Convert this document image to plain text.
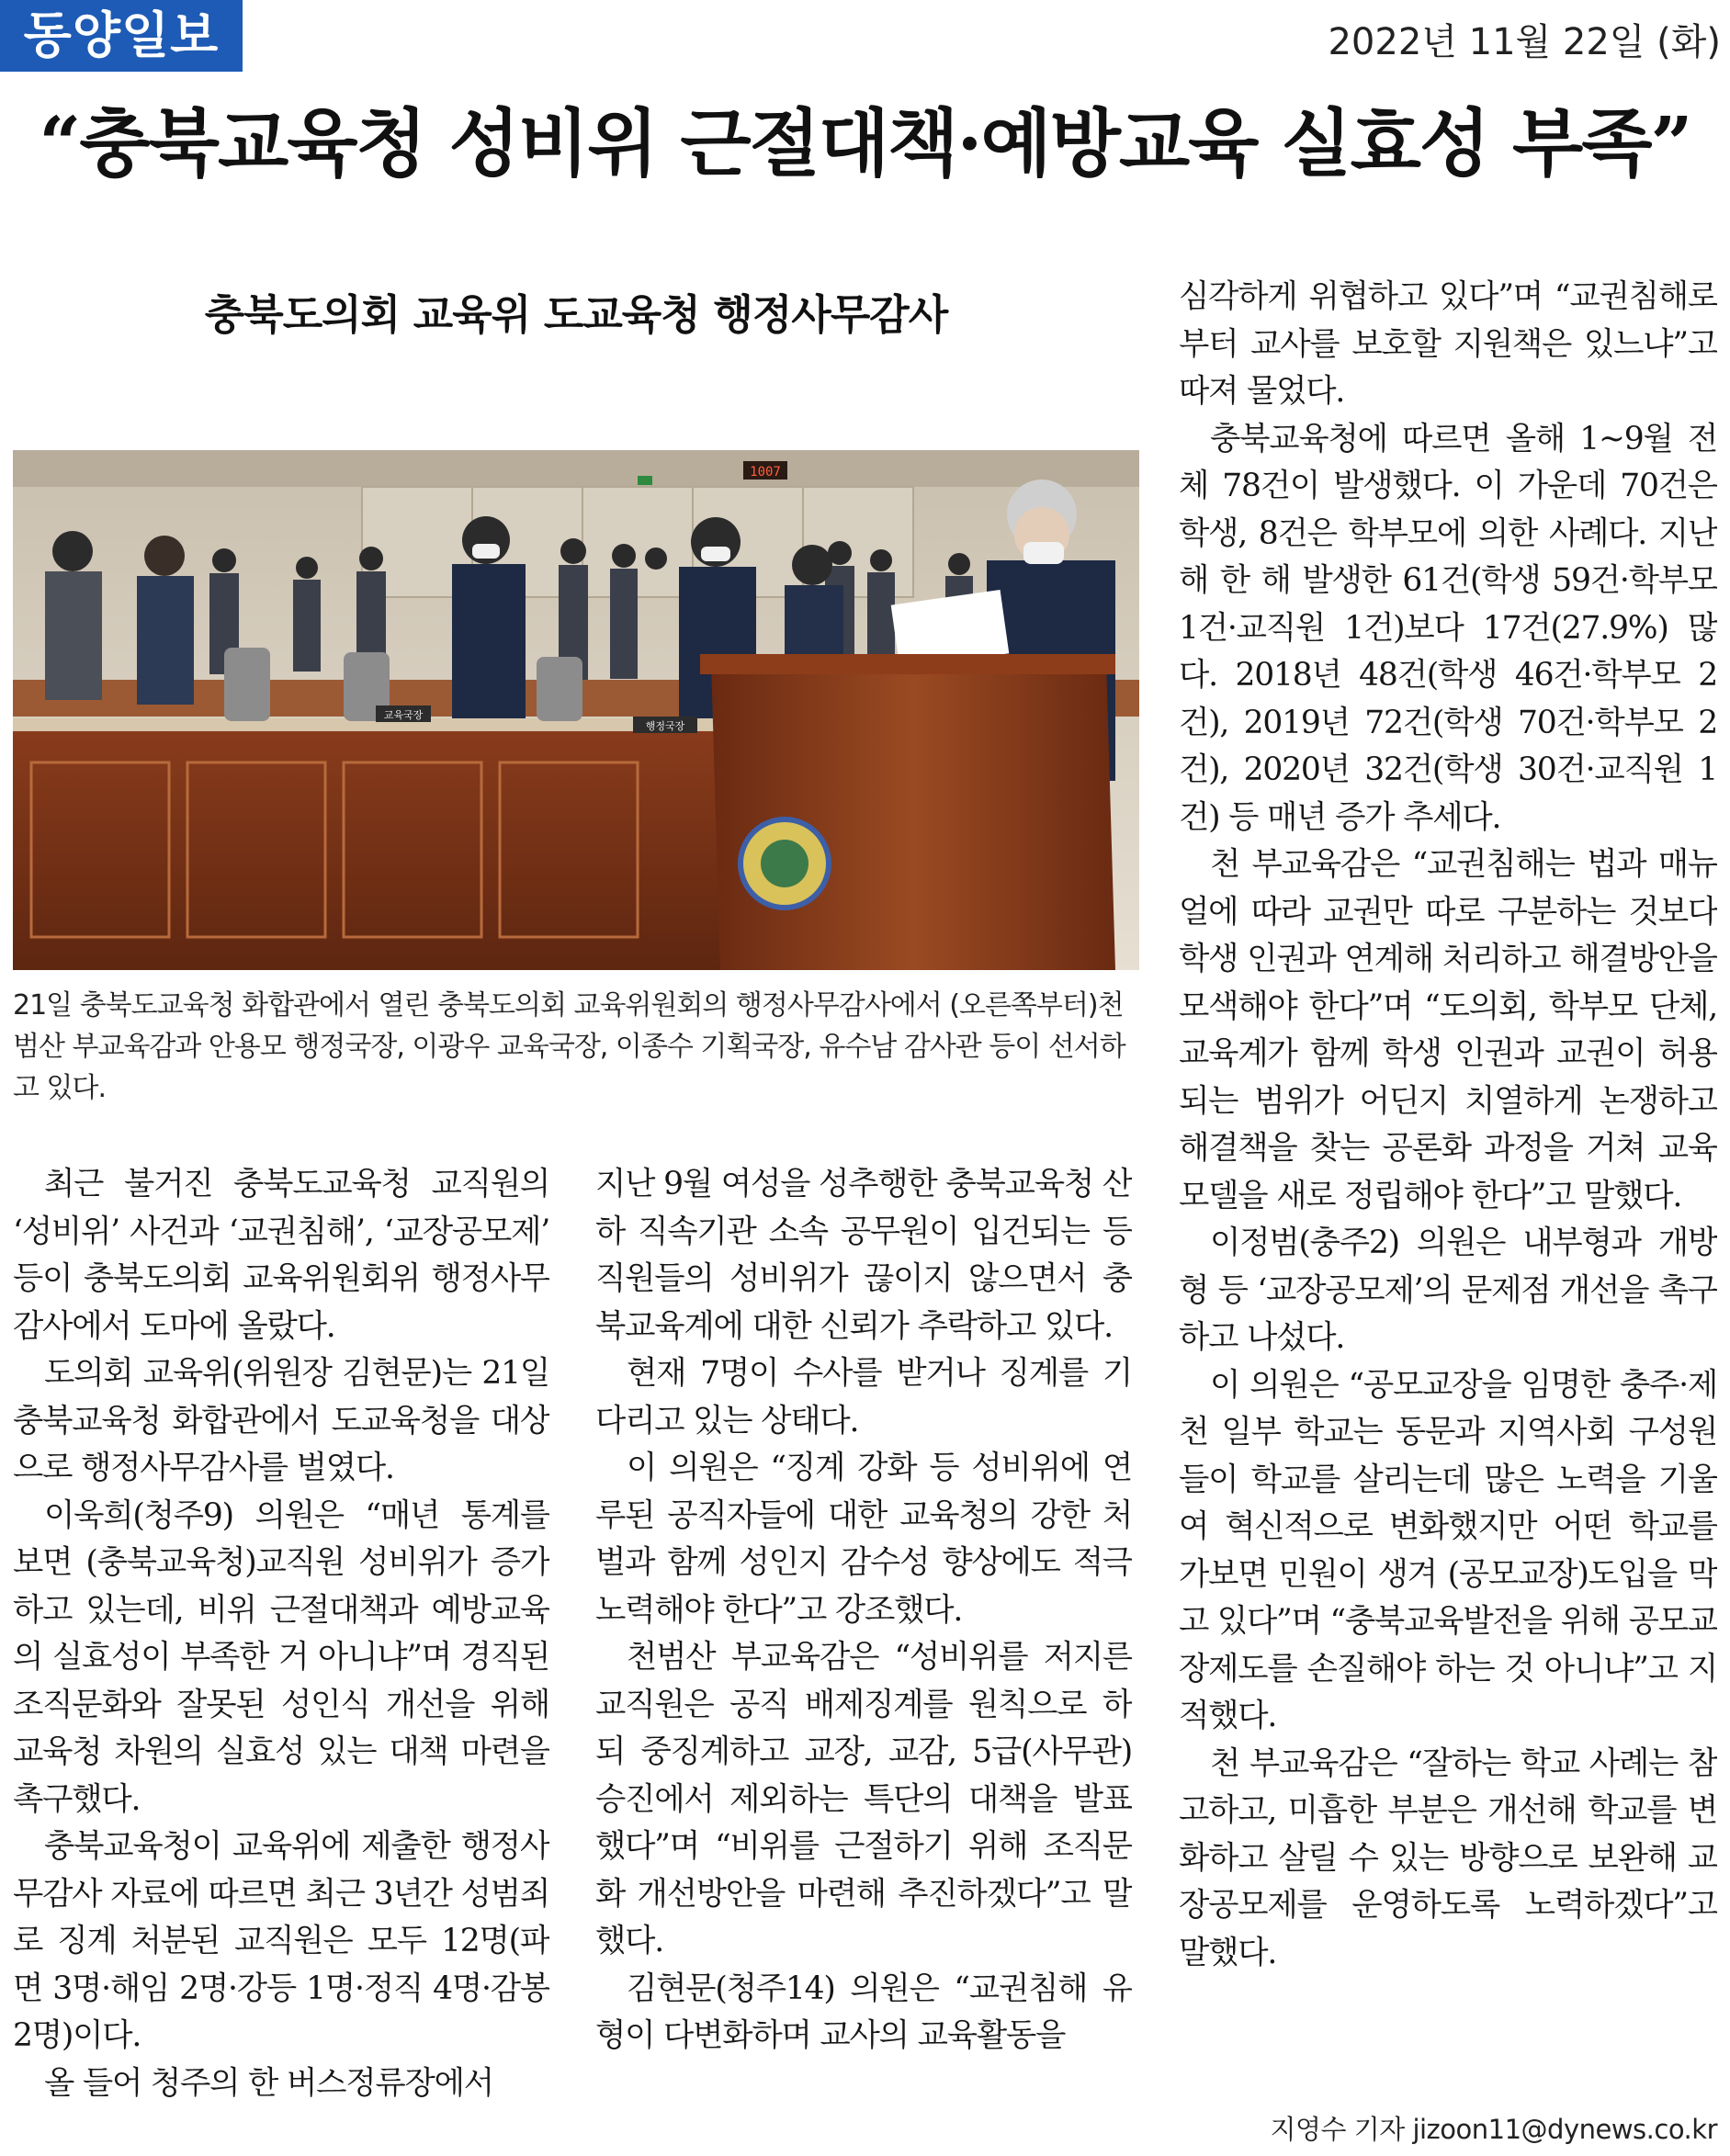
동양일보	2022년 11월 22일 (화)
“충북교육청 성비위 근절대책·예방교육 실효성 부족”
충북도의회 교육위 도교육청 행정사무감사
1007
교육국장
행정국장
21일 충북도교육청 화합관에서 열린 충북도의회 교육위원회의 행정사무감사에서 (오른쪽부터)천범산 부교육감과 안용모 행정국장, 이광우 교육국장, 이종수 기획국장, 유수남 감사관 등이 선서하고 있다.

최근 불거진 충북도교육청 교직원의 ‘성비위’ 사건과 ‘교권침해’, ‘교장공모제’ 등이 충북도의회 교육위원회위 행정사무감사에서 도마에 올랐다.

도의회 교육위(위원장 김현문)는 21일 충북교육청 화합관에서 도교육청을 대상으로 행정사무감사를 벌였다.

이욱희(청주9) 의원은 “매년 통계를 보면 (충북교육청)교직원 성비위가 증가하고 있는데, 비위 근절대책과 예방교육의 실효성이 부족한 거 아니냐”며 경직된 조직문화와 잘못된 성인식 개선을 위해 교육청 차원의 실효성 있는 대책 마련을 촉구했다.

충북교육청이 교육위에 제출한 행정사무감사 자료에 따르면 최근 3년간 성범죄로 징계 처분된 교직원은 모두 12명(파면 3명·해임 2명·강등 1명·정직 4명·감봉 2명)이다.

올 들어 청주의 한 버스정류장에서

지난 9월 여성을 성추행한 충북교육청 산하 직속기관 소속 공무원이 입건되는 등 직원들의 성비위가 끊이지 않으면서 충북교육계에 대한 신뢰가 추락하고 있다.

현재 7명이 수사를 받거나 징계를 기다리고 있는 상태다.

이 의원은 “징계 강화 등 성비위에 연루된 공직자들에 대한 교육청의 강한 처벌과 함께 성인지 감수성 향상에도 적극 노력해야 한다”고 강조했다.

천범산 부교육감은 “성비위를 저지른 교직원은 공직 배제징계를 원칙으로 하되 중징계하고 교장, 교감, 5급(사무관) 승진에서 제외하는 특단의 대책을 발표했다”며 “비위를 근절하기 위해 조직문화 개선방안을 마련해 추진하겠다”고 말했다.

김현문(청주14) 의원은 “교권침해 유형이 다변화하며 교사의 교육활동을

심각하게 위협하고 있다”며 “교권침해로부터 교사를 보호할 지원책은 있느냐”고 따져 물었다.

충북교육청에 따르면 올해 1~9월 전체 78건이 발생했다. 이 가운데 70건은 학생, 8건은 학부모에 의한 사례다. 지난해 한 해 발생한 61건(학생 59건·학부모 1건·교직원 1건)보다 17건(27.9%) 많다. 2018년 48건(학생 46건·학부모 2건), 2019년 72건(학생 70건·학부모 2건), 2020년 32건(학생 30건·교직원 1건) 등 매년 증가 추세다.

천 부교육감은 “교권침해는 법과 매뉴얼에 따라 교권만 따로 구분하는 것보다 학생 인권과 연계해 처리하고 해결방안을 모색해야 한다”며 “도의회, 학부모 단체, 교육계가 함께 학생 인권과 교권이 허용되는 범위가 어딘지 치열하게 논쟁하고 해결책을 찾는 공론화 과정을 거쳐 교육모델을 새로 정립해야 한다”고 말했다.

이정범(충주2) 의원은 내부형과 개방형 등 ‘교장공모제’의 문제점 개선을 촉구하고 나섰다.

이 의원은 “공모교장을 임명한 충주·제천 일부 학교는 동문과 지역사회 구성원들이 학교를 살리는데 많은 노력을 기울여 혁신적으로 변화했지만 어떤 학교를 가보면 민원이 생겨 (공모교장)도입을 막고 있다”며 “충북교육발전을 위해 공모교장제도를 손질해야 하는 것 아니냐”고 지적했다.

천 부교육감은 “잘하는 학교 사례는 참고하고, 미흡한 부분은 개선해 학교를 변화하고 살릴 수 있는 방향으로 보완해 교장공모제를 운영하도록 노력하겠다”고 말했다.

지영수 기자 jizoon11@dynews.co.kr
